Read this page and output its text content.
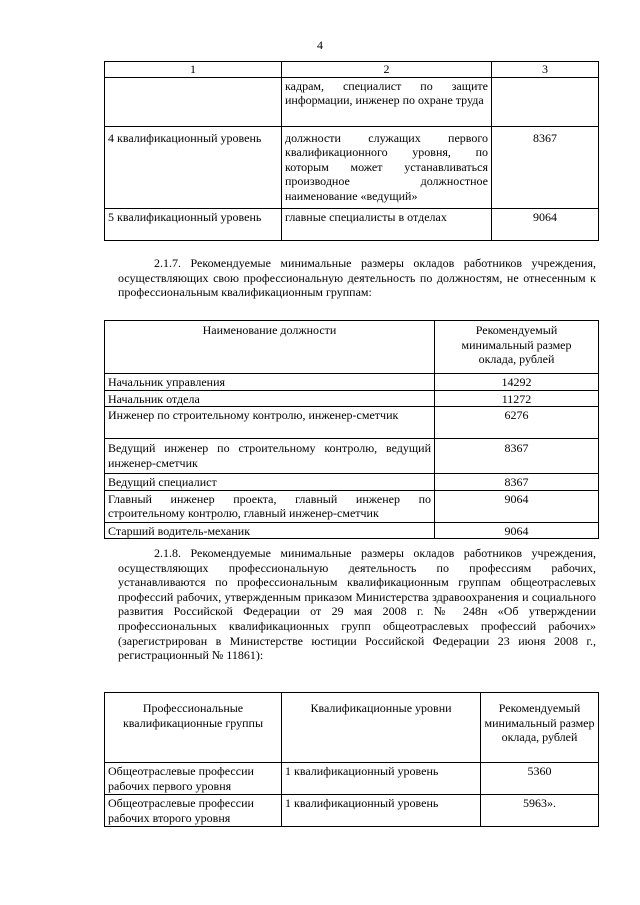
4
1	2	3
	кадрам, специалист по защите информации, инженер по охране труда	
4 квалификационный уровень	должности служащих первого квалификационного уровня, по которым может устанавливаться производное должностное наименование «ведущий»	8367
5 квалификационный уровень	главные специалисты в отделах	9064

2.1.7. Рекомендуемые минимальные размеры окладов работников учреждения, осуществляющих свою профессиональную деятельность по должностям, не отнесенным к профессиональным квалификационным группам:

Наименование должности	Рекомендуемый минимальный размер оклада, рублей
Начальник управления	14292
Начальник отдела	11272
Инженер по строительному контролю, инженер-сметчик	6276
Ведущий инженер по строительному контролю, ведущий инженер-сметчик	8367
Ведущий специалист	8367
Главный инженер проекта, главный инженер по строительному контролю, главный инженер-сметчик	9064
Старший водитель-механик	9064

2.1.8. Рекомендуемые минимальные размеры окладов работников учреждения, осуществляющих профессиональную деятельность по профессиям рабочих, устанавливаются по профессиональным квалификационным группам общеотраслевых профессий рабочих, утвержденным приказом Министерства здравоохранения и социального развития Российской Федерации от 29 мая 2008 г. № 248н «Об утверждении профессиональных квалификационных групп общеотраслевых профессий рабочих» (зарегистрирован в Министерстве юстиции Российской Федерации 23 июня 2008 г., регистрационный № 11861):

Профессиональные квалификационные группы	Квалификационные уровни	Рекомендуемый минимальный размер оклада, рублей
Общеотраслевые профессии рабочих первого уровня	1 квалификационный уровень	5360
Общеотраслевые профессии рабочих второго уровня	1 квалификационный уровень	5963».
